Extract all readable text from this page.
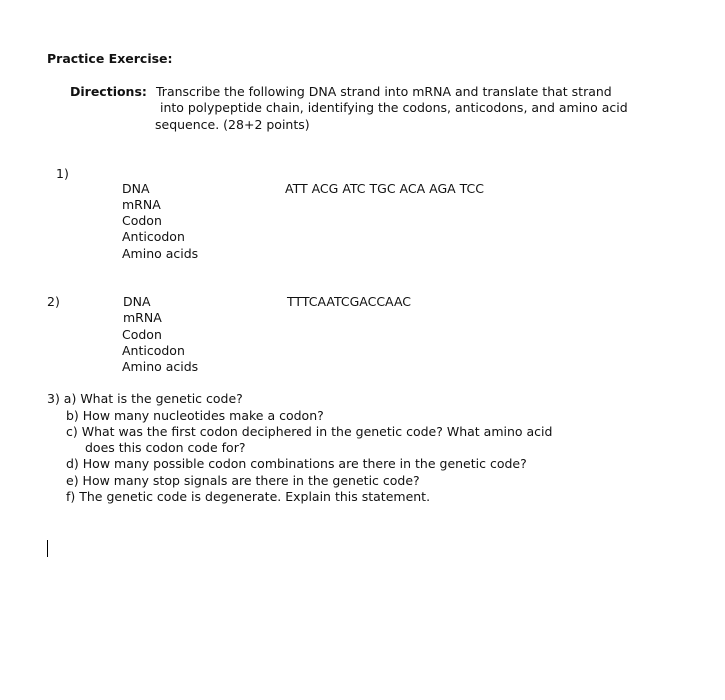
Practice Exercise:
Directions: Transcribe the following DNA strand into mRNA and translate that strand
into polypeptide chain, identifying the codons, anticodons, and amino acid
sequence. (28+2 points)
1)
DNA
mRNA
Codon
Anticodon
Amino acids
ATT ACG ATC TGC ACA AGA TCC
2)	DNA
mRNA
Codon
Anticodon
Amino acids
TTTCAATCGACCAAC
3) a) What is the genetic code?
b) How many nucleotides make a codon?
c) What was the first codon deciphered in the genetic code? What amino acid
does this codon code for?
d) How many possible codon combinations are there in the genetic code?
e) How many stop signals are there in the genetic code?
f) The genetic code is degenerate. Explain this statement.
